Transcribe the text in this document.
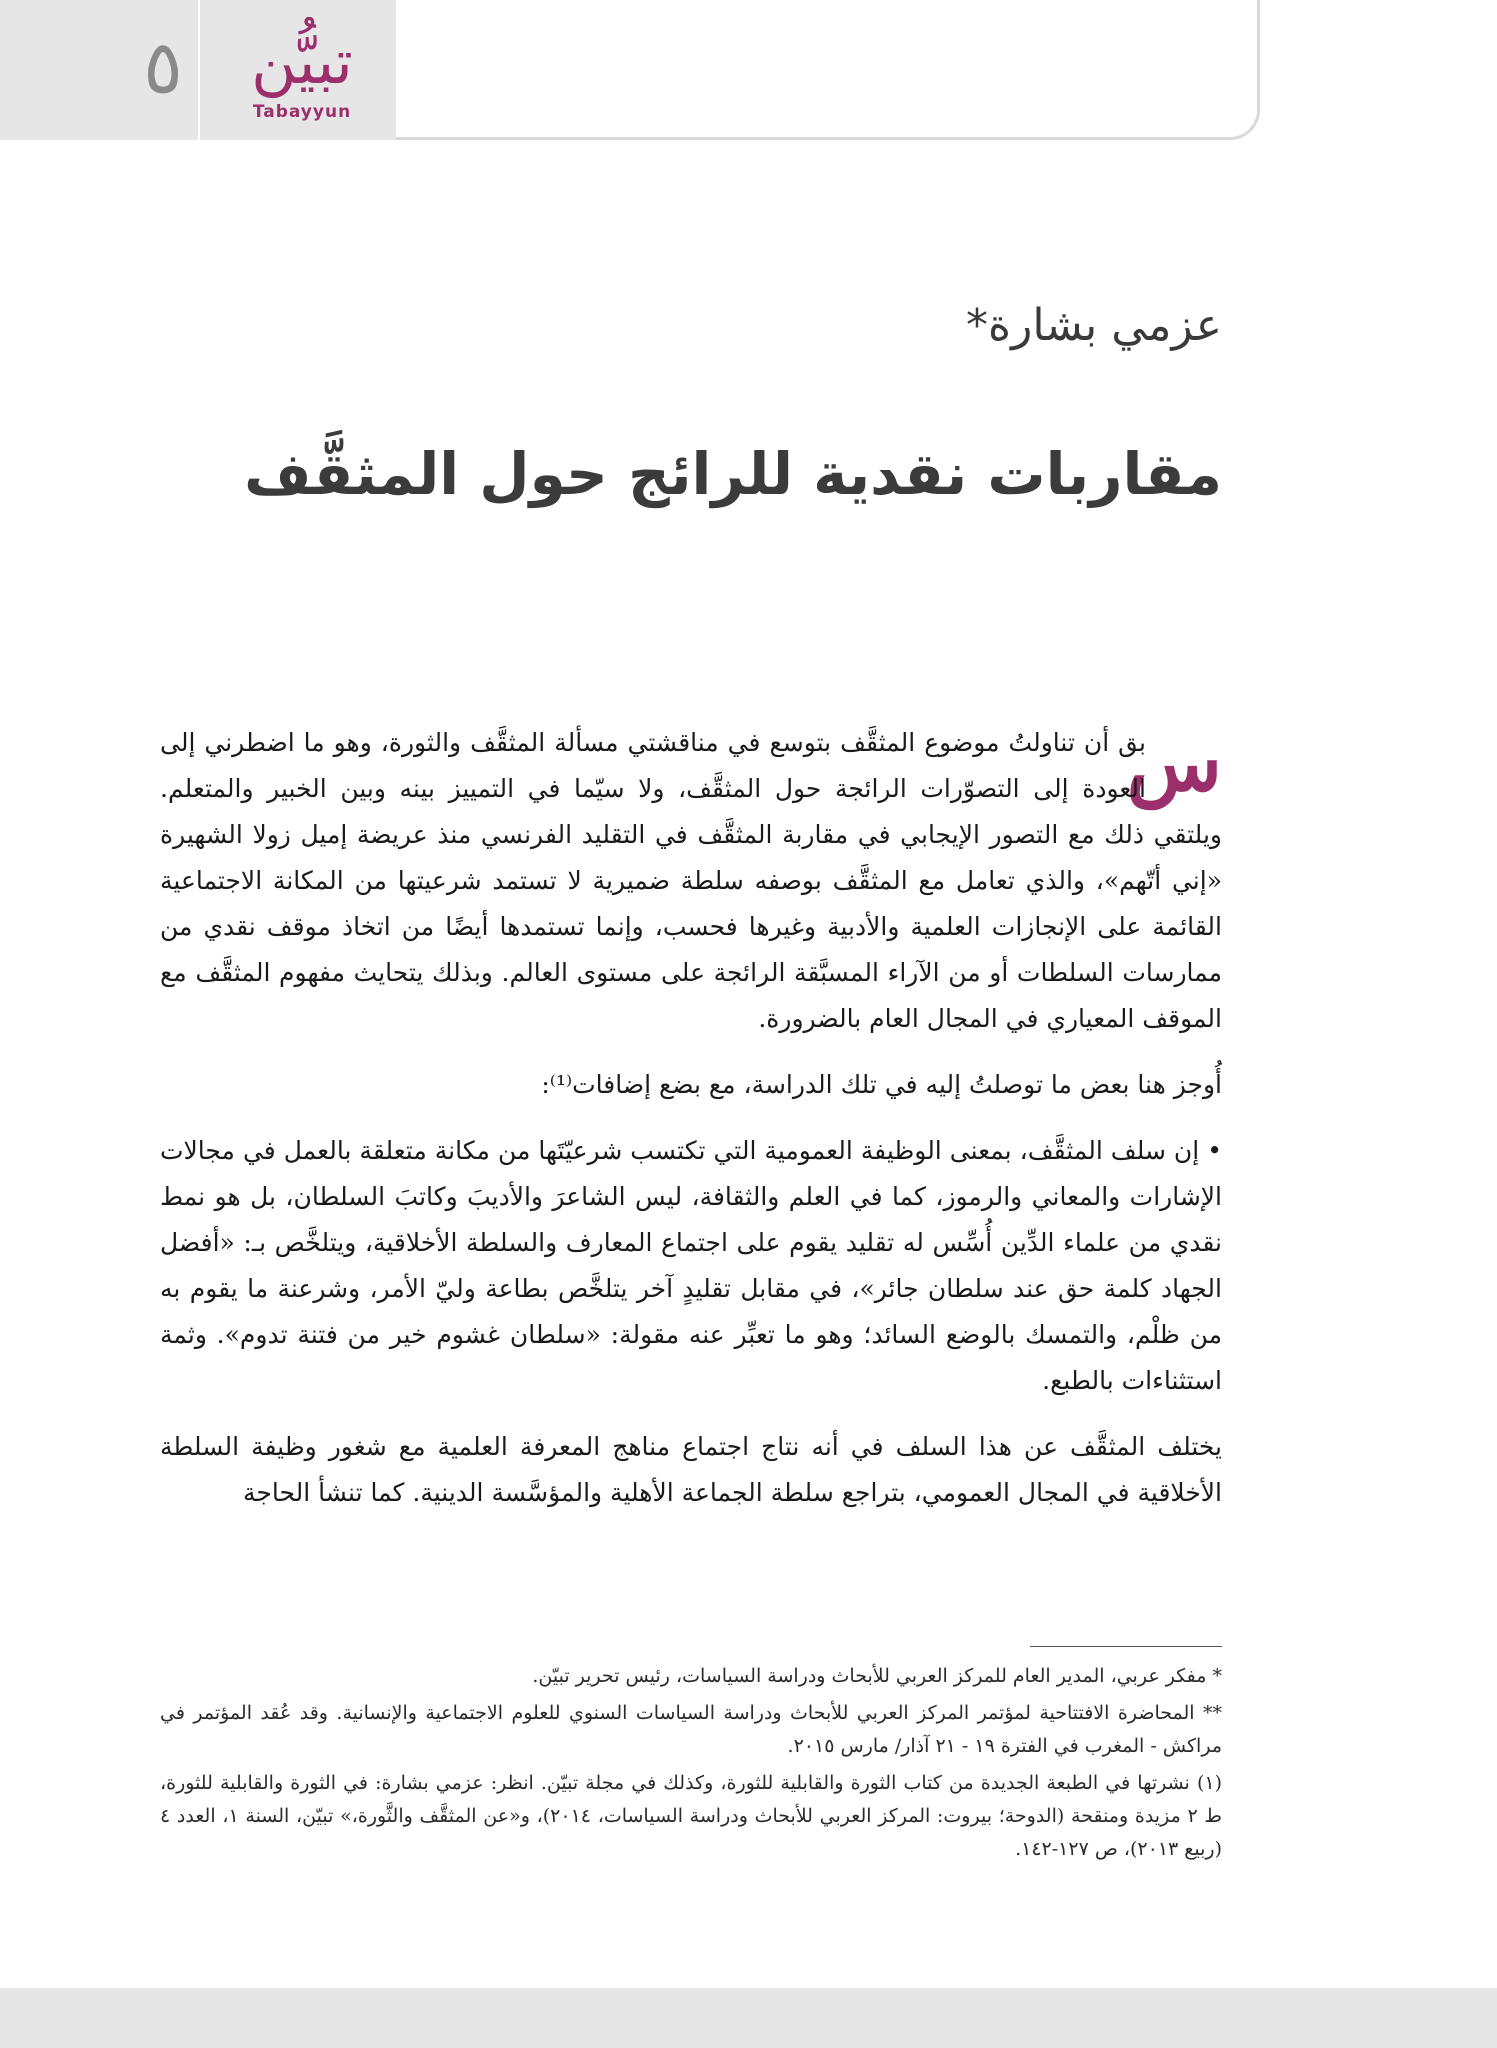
٥	تبيُّن
Tabayyun
عزمي بشارة*
مقاربات نقدية للرائج حول المثقَّف

س
بق أن تناولتُ موضوع المثقَّف بتوسع في مناقشتي مسألة المثقَّف والثورة، وهو ما اضطرني إلى العودة إلى التصوّرات الرائجة حول المثقَّف، ولا سيّما في التمييز بينه وبين الخبير والمتعلم. ويلتقي ذلك مع التصور الإيجابي في مقاربة المثقَّف في التقليد الفرنسي منذ عريضة إميل زولا الشهيرة «إني أتّهم»، والذي تعامل مع المثقَّف بوصفه سلطة ضميرية لا تستمد شرعيتها من المكانة الاجتماعية القائمة على الإنجازات العلمية والأدبية وغيرها فحسب، وإنما تستمدها أيضًا من اتخاذ موقف نقدي من ممارسات السلطات أو من الآراء المسبَّقة الرائجة على مستوى العالم. وبذلك يتحايث مفهوم المثقَّف مع الموقف المعياري في المجال العام بالضرورة.

أُوجز هنا بعض ما توصلتُ إليه في تلك الدراسة، مع بضع إضافات⁽¹⁾:

• إن سلف المثقَّف، بمعنى الوظيفة العمومية التي تكتسب شرعيّتَها من مكانة متعلقة بالعمل في مجالات الإشارات والمعاني والرموز، كما في العلم والثقافة، ليس الشاعرَ والأديبَ وكاتبَ السلطان، بل هو نمط نقدي من علماء الدِّين أُسِّس له تقليد يقوم على اجتماع المعارف والسلطة الأخلاقية، ويتلخَّص بـ: «أفضل الجهاد كلمة حق عند سلطان جائر»، في مقابل تقليدٍ آخر يتلخَّص بطاعة وليّ الأمر، وشرعنة ما يقوم به من ظلْم، والتمسك بالوضع السائد؛ وهو ما تعبِّر عنه مقولة: «سلطان غشوم خير من فتنة تدوم». وثمة استثناءات بالطبع.

يختلف المثقَّف عن هذا السلف في أنه نتاج اجتماع مناهج المعرفة العلمية مع شغور وظيفة السلطة الأخلاقية في المجال العمومي، بتراجع سلطة الجماعة الأهلية والمؤسَّسة الدينية. كما تنشأ الحاجة

* مفكر عربي، المدير العام للمركز العربي للأبحاث ودراسة السياسات، رئيس تحرير تبيّن.

** المحاضرة الافتتاحية لمؤتمر المركز العربي للأبحاث ودراسة السياسات السنوي للعلوم الاجتماعية والإنسانية. وقد عُقد المؤتمر في مراكش - المغرب في الفترة ١٩ - ٢١ آذار/ مارس ٢٠١٥.

(١) نشرتها في الطبعة الجديدة من كتاب الثورة والقابلية للثورة، وكذلك في مجلة تبيّن. انظر: عزمي بشارة: في الثورة والقابلية للثورة، ط ٢ مزيدة ومنقحة (الدوحة؛ بيروت: المركز العربي للأبحاث ودراسة السياسات، ٢٠١٤)، و«عن المثقَّف والثَّورة،» تبيّن، السنة ١، العدد ٤ (ربيع ٢٠١٣)، ص ١٢٧-١٤٢.
